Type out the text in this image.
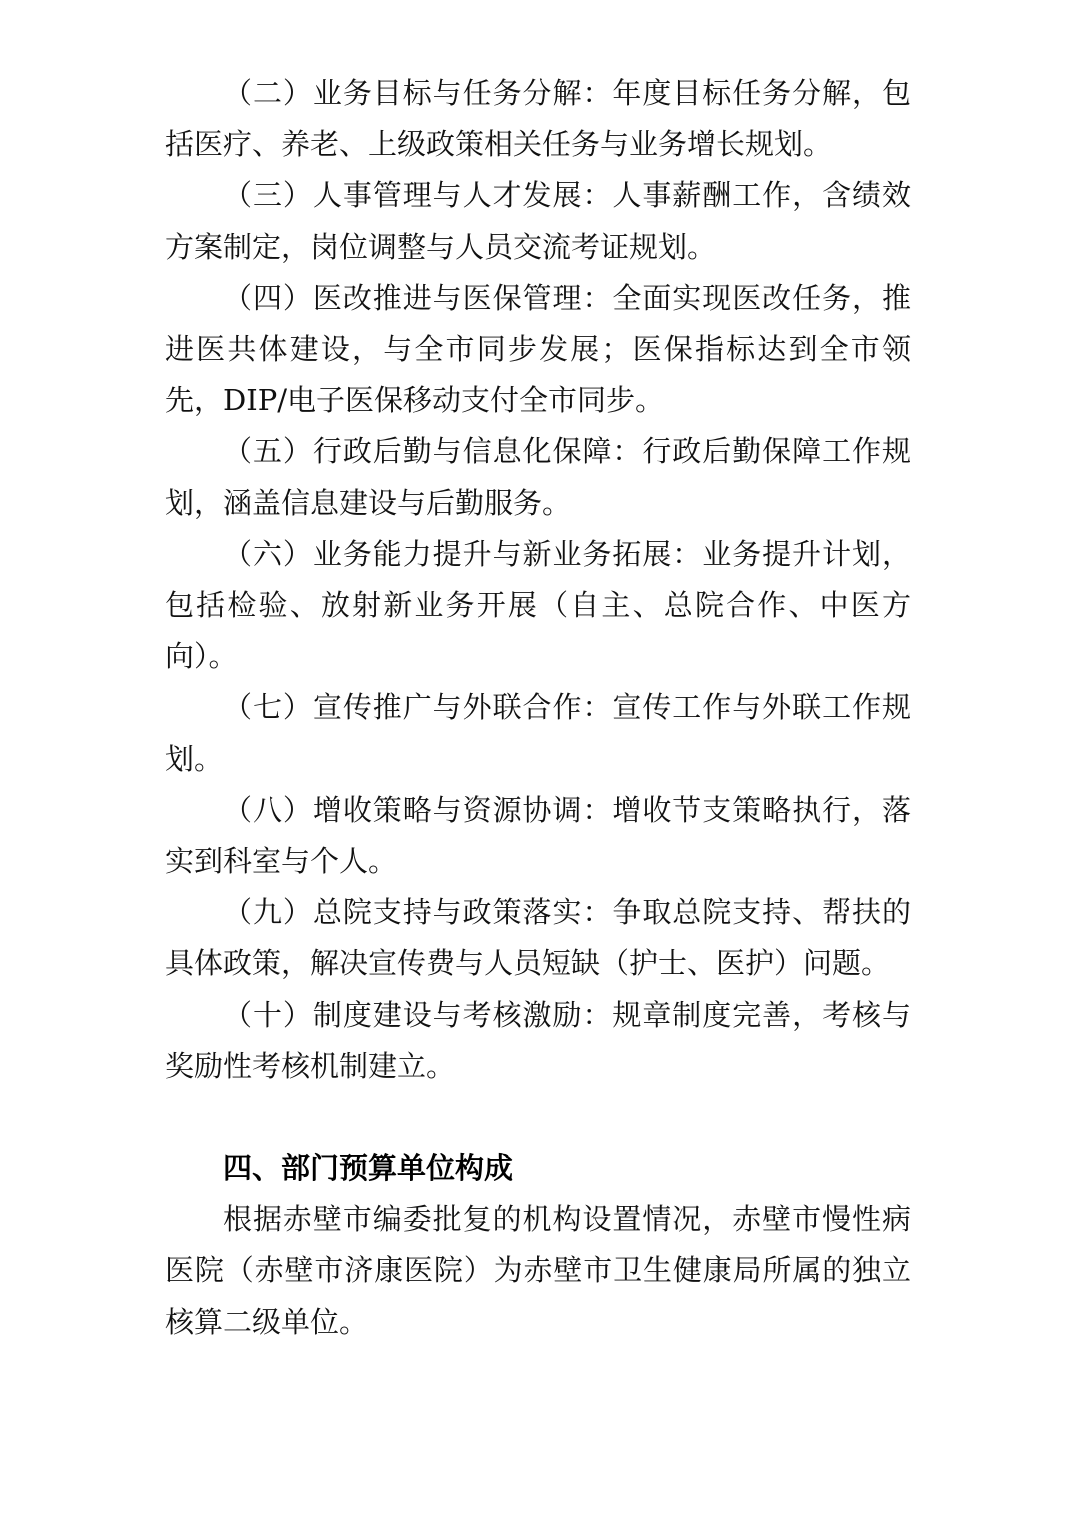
（二）业务目标与任务分解：年度目标任务分解，包括医疗、养老、上级政策相关任务与业务增长规划。

（三）人事管理与人才发展：人事薪酬工作，含绩效方案制定，岗位调整与人员交流考证规划。

（四）医改推进与医保管理：全面实现医改任务，推进医共体建设，与全市同步发展；医保指标达到全市领先，DIP/电子医保移动支付全市同步。

（五）行政后勤与信息化保障：行政后勤保障工作规划，涵盖信息建设与后勤服务。

（六）业务能力提升与新业务拓展：业务提升计划，包括检验、放射新业务开展（自主、总院合作、中医方向）。

（七）宣传推广与外联合作：宣传工作与外联工作规划。

（八）增收策略与资源协调：增收节支策略执行，落实到科室与个人。

（九）总院支持与政策落实：争取总院支持、帮扶的具体政策，解决宣传费与人员短缺（护士、医护）问题。

（十）制度建设与考核激励：规章制度完善，考核与奖励性考核机制建立。

四、部门预算单位构成

根据赤壁市编委批复的机构设置情况，赤壁市慢性病医院（赤壁市济康医院）为赤壁市卫生健康局所属的独立核算二级单位。
